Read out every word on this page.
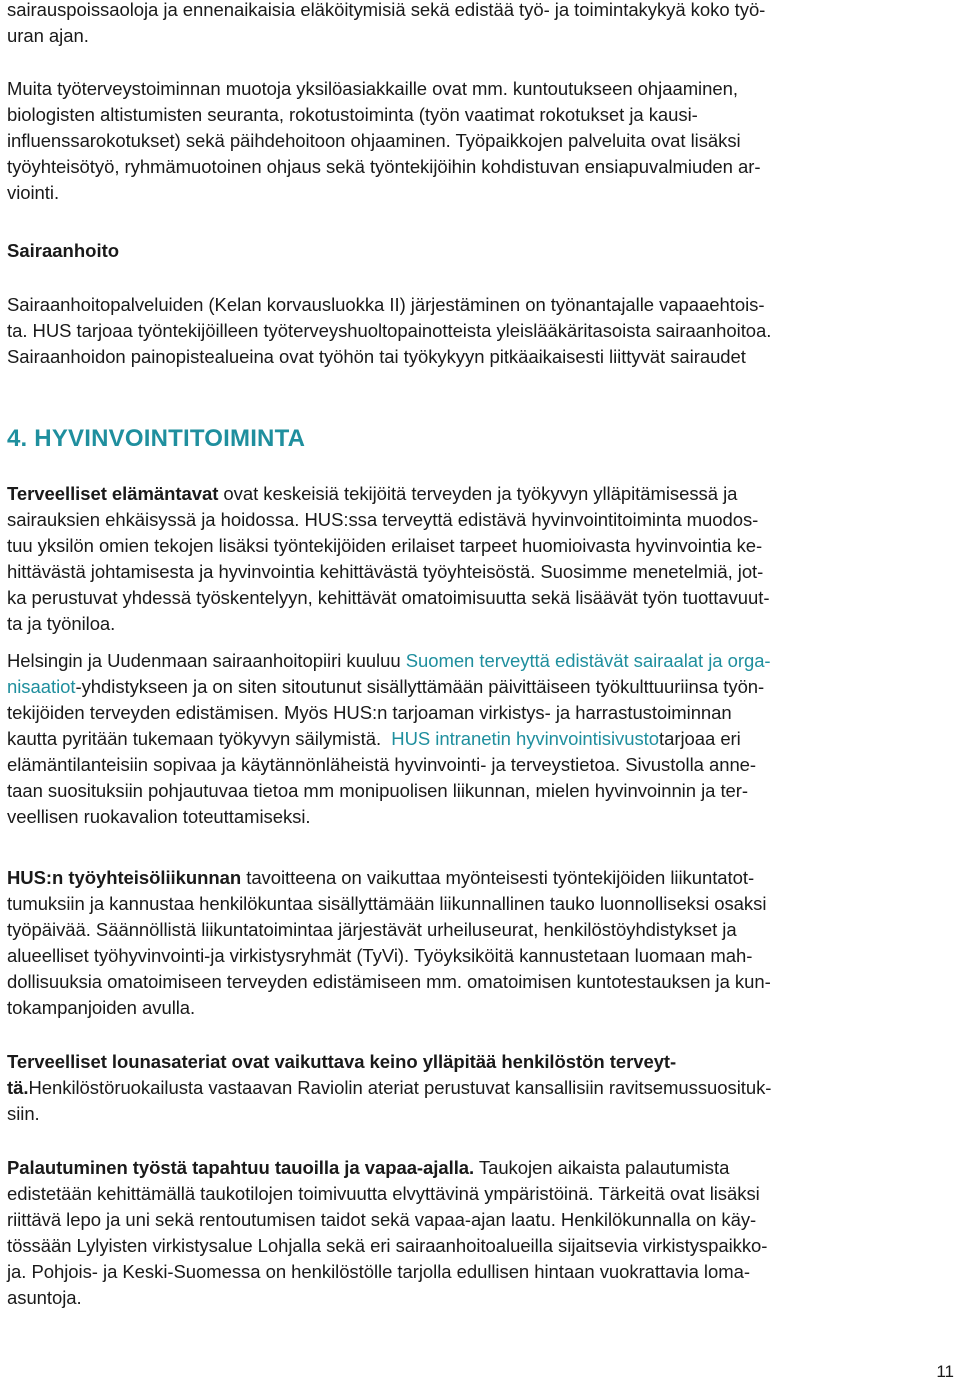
sairauspoissaoloja ja ennenaikaisia eläköitymisiä sekä edistää työ- ja toimintakykyä koko työ-
uran ajan.
Muita työterveystoiminnan muotoja yksilöasiakkaille ovat mm. kuntoutukseen ohjaaminen,
biologisten altistumisten seuranta, rokotustoiminta (työn vaatimat rokotukset ja kausi-
influenssarokotukset) sekä päihdehoitoon ohjaaminen. Työpaikkojen palveluita ovat lisäksi
työyhteisötyö, ryhmämuotoinen ohjaus sekä työntekijöihin kohdistuvan ensiapuvalmiuden ar-
viointi.
Sairaanhoito
Sairaanhoitopalveluiden (Kelan korvausluokka II) järjestäminen on työnantajalle vapaaehtois-
ta. HUS tarjoaa työntekijöilleen työterveyshuoltopainotteista yleislääkäritasoista sairaanhoitoa.
Sairaanhoidon painopistealueina ovat työhön tai työkykyyn pitkäaikaisesti liittyvät sairaudet
4. HYVINVOINTITOIMINTA
Terveelliset elämäntavat ovat keskeisiä tekijöitä terveyden ja työkyvyn ylläpitämisessä ja
sairauksien ehkäisyssä ja hoidossa. HUS:ssa terveyttä edistävä hyvinvointitoiminta muodos-
tuu yksilön omien tekojen lisäksi työntekijöiden erilaiset tarpeet huomioivasta hyvinvointia ke-
hittävästä johtamisesta ja hyvinvointia kehittävästä työyhteisöstä. Suosimme menetelmiä, jot-
ka perustuvat yhdessä työskentelyyn, kehittävät omatoimisuutta sekä lisäävät työn tuottavuut-
ta ja työniloa.
Helsingin ja Uudenmaan sairaanhoitopiiri kuuluu Suomen terveyttä edistävät sairaalat ja orga-
nisaatiot-yhdistykseen ja on siten sitoutunut sisällyttämään päivittäiseen työkulttuuriinsa työn-
tekijöiden terveyden edistämisen. Myös HUS:n tarjoaman virkistys- ja harrastustoiminnan
kautta pyritään tukemaan työkyvyn säilymistä.  HUS intranetin hyvinvointisivustotarjoaa eri
elämäntilanteisiin sopivaa ja käytännönläheistä hyvinvointi- ja terveystietoa. Sivustolla anne-
taan suosituksiin pohjautuvaa tietoa mm monipuolisen liikunnan, mielen hyvinvoinnin ja ter-
veellisen ruokavalion toteuttamiseksi.
HUS:n työyhteisöliikunnan tavoitteena on vaikuttaa myönteisesti työntekijöiden liikuntatot-
tumuksiin ja kannustaa henkilökuntaa sisällyttämään liikunnallinen tauko luonnolliseksi osaksi
työpäivää. Säännöllistä liikuntatoimintaa järjestävät urheiluseurat, henkilöstöyhdistykset ja
alueelliset työhyvinvointi-ja virkistysryhmät (TyVi). Työyksiköitä kannustetaan luomaan mah-
dollisuuksia omatoimiseen terveyden edistämiseen mm. omatoimisen kuntotestauksen ja kun-
tokampanjoiden avulla.
Terveelliset lounasateriat ovat vaikuttava keino ylläpitää henkilöstön terveyt-
tä.Henkilöstöruokailusta vastaavan Raviolin ateriat perustuvat kansallisiin ravitsemussuosituk-
siin.
Palautuminen työstä tapahtuu tauoilla ja vapaa-ajalla. Taukojen aikaista palautumista
edistetään kehittämällä taukotilojen toimivuutta elvyttävinä ympäristöinä. Tärkeitä ovat lisäksi
riittävä lepo ja uni sekä rentoutumisen taidot sekä vapaa-ajan laatu. Henkilökunnalla on käy-
tössään Lylyisten virkistysalue Lohjalla sekä eri sairaanhoitoalueilla sijaitsevia virkistyspaikko-
ja. Pohjois- ja Keski-Suomessa on henkilöstölle tarjolla edullisen hintaan vuokrattavia loma-
asuntoja.
11
